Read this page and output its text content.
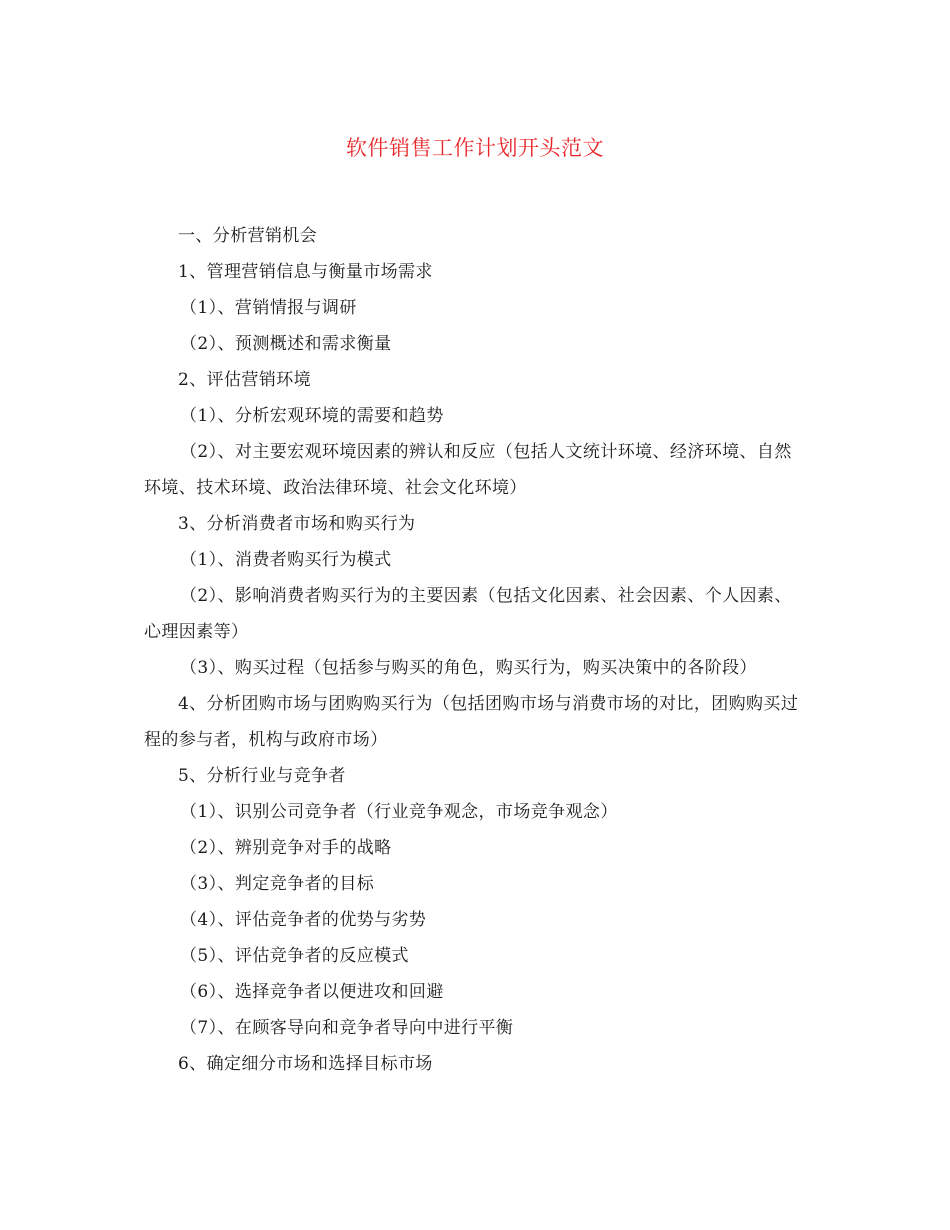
软件销售工作计划开头范文

一、分析营销机会

1、管理营销信息与衡量市场需求

（1）、营销情报与调研

（2）、预测概述和需求衡量

2、评估营销环境

（1）、分析宏观环境的需要和趋势

（2）、对主要宏观环境因素的辨认和反应（包括人文统计环境、经济环境、自然环境、技术环境、政治法律环境、社会文化环境）

3、分析消费者市场和购买行为

（1）、消费者购买行为模式

（2）、影响消费者购买行为的主要因素（包括文化因素、社会因素、个人因素、心理因素等）

（3）、购买过程（包括参与购买的角色，购买行为，购买决策中的各阶段）

4、分析团购市场与团购购买行为（包括团购市场与消费市场的对比，团购购买过程的参与者，机构与政府市场）

5、分析行业与竞争者

（1）、识别公司竞争者（行业竞争观念，市场竞争观念）

（2）、辨别竞争对手的战略

（3）、判定竞争者的目标

（4）、评估竞争者的优势与劣势

（5）、评估竞争者的反应模式

（6）、选择竞争者以便进攻和回避

（7）、在顾客导向和竞争者导向中进行平衡

6、确定细分市场和选择目标市场
